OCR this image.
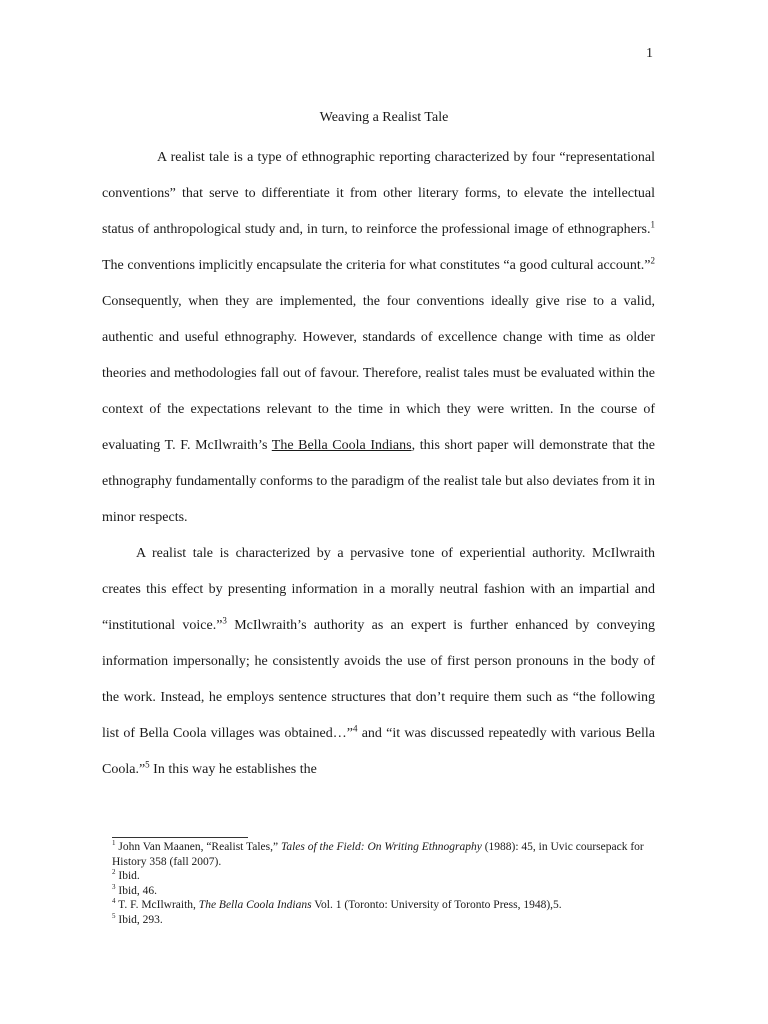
1
Weaving a Realist Tale

A realist tale is a type of ethnographic reporting characterized by four “representational conventions” that serve to differentiate it from other literary forms, to elevate the intellectual status of anthropological study and, in turn, to reinforce the professional image of ethnographers.$^1$ The conventions implicitly encapsulate the criteria for what constitutes “a good cultural account.”$^2$ Consequently, when they are implemented, the four conventions ideally give rise to a valid, authentic and useful ethnography. However, standards of excellence change with time as older theories and methodologies fall out of favour. Therefore, realist tales must be evaluated within the context of the expectations relevant to the time in which they were written. In the course of evaluating T. F. McIlwraith’s The Bella Coola Indians, this short paper will demonstrate that the ethnography fundamentally conforms to the paradigm of the realist tale but also deviates from it in minor respects.

A realist tale is characterized by a pervasive tone of experiential authority. McIlwraith creates this effect by presenting information in a morally neutral fashion with an impartial and “institutional voice.”$^3$ McIlwraith’s authority as an expert is further enhanced by conveying information impersonally; he consistently avoids the use of first person pronouns in the body of the work. Instead, he employs sentence structures that don’t require them such as “the following list of Bella Coola villages was obtained…”$^4$ and “it was discussed repeatedly with various Bella Coola.”$^5$ In this way he establishes the

$^1$ John Van Maanen, “Realist Tales,” Tales of the Field: On Writing Ethnography (1988): 45, in Uvic coursepack for History 358 (fall 2007).

$^2$ Ibid.

$^3$ Ibid, 46.

$^4$ T. F. McIlwraith, The Bella Coola Indians Vol. 1 (Toronto: University of Toronto Press, 1948),5.

$^5$ Ibid, 293.
